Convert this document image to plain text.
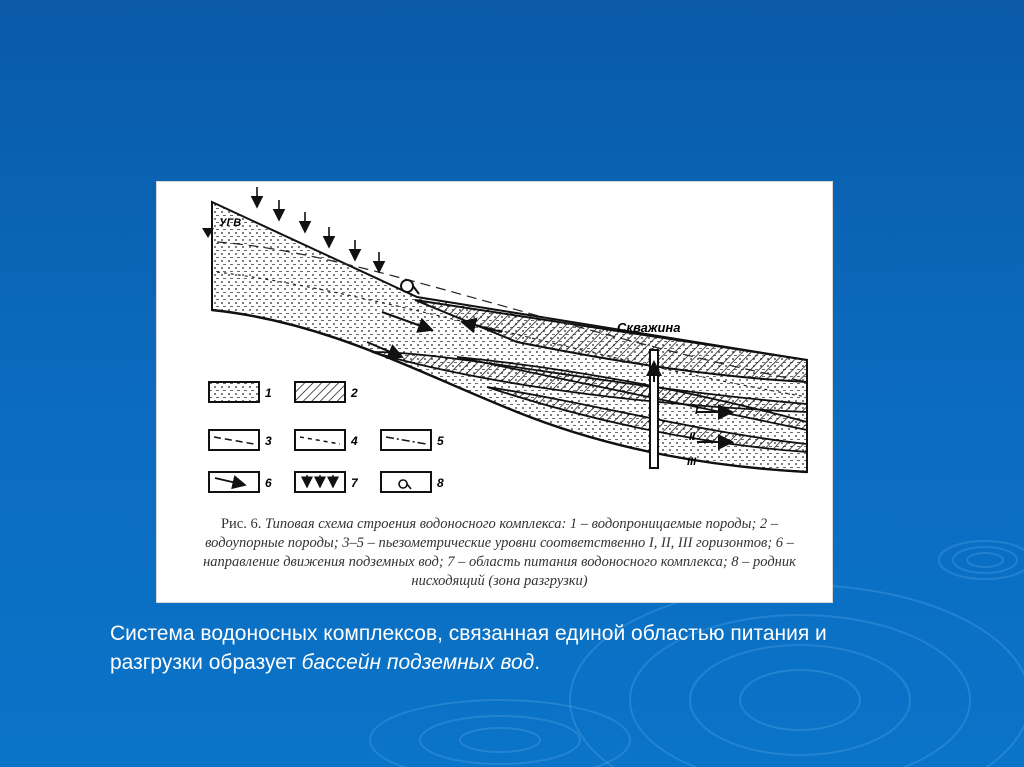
УГВ
Скважина
I
II
III
1	2
3	4	5
6	7	8
Рис. 6. Типовая схема строения водоносного комплекса: 1 – водопроницаемые породы; 2 – водоупорные породы; 3–5 – пьезометрические уровни соответственно I, II, III горизонтов; 6 – направление движения подземных вод; 7 – область питания водоносного комплекса; 8 – родник нисходящий (зона разгрузки)
Система водоносных комплексов, связанная единой областью питания и разгрузки образует бассейн подземных вод.
